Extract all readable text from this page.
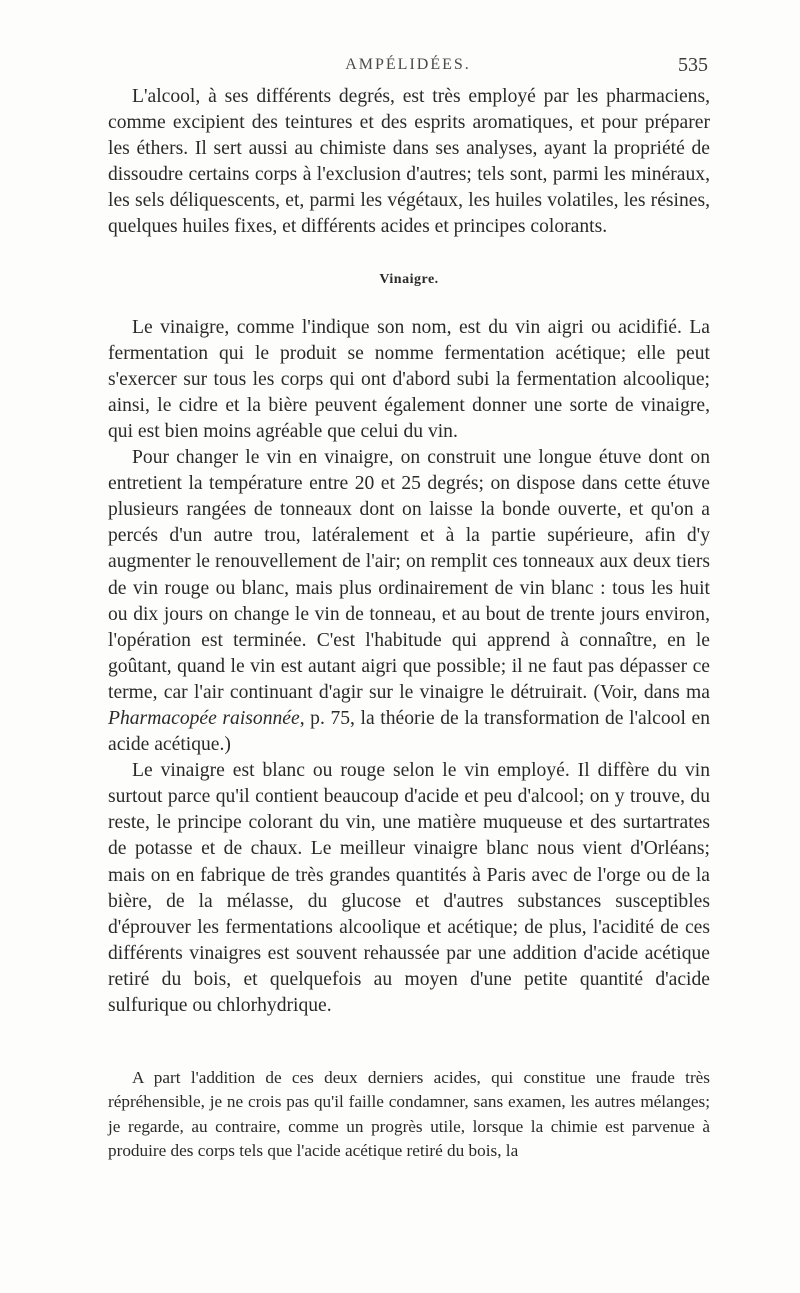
AMPÉLIDÉES.	535

L'alcool, à ses différents degrés, est très employé par les pharmaciens, comme excipient des teintures et des esprits aromatiques, et pour préparer les éthers. Il sert aussi au chimiste dans ses analyses, ayant la propriété de dissoudre certains corps à l'exclusion d'autres; tels sont, parmi les minéraux, les sels déliquescents, et, parmi les végétaux, les huiles volatiles, les résines, quelques huiles fixes, et différents acides et principes colorants.

Vinaigre.

Le vinaigre, comme l'indique son nom, est du vin aigri ou acidifié. La fermentation qui le produit se nomme fermentation acétique; elle peut s'exercer sur tous les corps qui ont d'abord subi la fermentation alcoolique; ainsi, le cidre et la bière peuvent également donner une sorte de vinaigre, qui est bien moins agréable que celui du vin.

Pour changer le vin en vinaigre, on construit une longue étuve dont on entretient la température entre 20 et 25 degrés; on dispose dans cette étuve plusieurs rangées de tonneaux dont on laisse la bonde ouverte, et qu'on a percés d'un autre trou, latéralement et à la partie supérieure, afin d'y augmenter le renouvellement de l'air; on remplit ces tonneaux aux deux tiers de vin rouge ou blanc, mais plus ordinairement de vin blanc : tous les huit ou dix jours on change le vin de tonneau, et au bout de trente jours environ, l'opération est terminée. C'est l'habitude qui apprend à connaître, en le goûtant, quand le vin est autant aigri que possible; il ne faut pas dépasser ce terme, car l'air continuant d'agir sur le vinaigre le détruirait. (Voir, dans ma Pharmacopée raisonnée, p. 75, la théorie de la transformation de l'alcool en acide acétique.)

Le vinaigre est blanc ou rouge selon le vin employé. Il diffère du vin surtout parce qu'il contient beaucoup d'acide et peu d'alcool; on y trouve, du reste, le principe colorant du vin, une matière muqueuse et des surtartrates de potasse et de chaux. Le meilleur vinaigre blanc nous vient d'Orléans; mais on en fabrique de très grandes quantités à Paris avec de l'orge ou de la bière, de la mélasse, du glucose et d'autres substances susceptibles d'éprouver les fermentations alcoolique et acétique; de plus, l'acidité de ces différents vinaigres est souvent rehaussée par une addition d'acide acétique retiré du bois, et quelquefois au moyen d'une petite quantité d'acide sulfurique ou chlorhydrique.

A part l'addition de ces deux derniers acides, qui constitue une fraude très répréhensible, je ne crois pas qu'il faille condamner, sans examen, les autres mélanges; je regarde, au contraire, comme un progrès utile, lorsque la chimie est parvenue à produire des corps tels que l'acide acétique retiré du bois, la
